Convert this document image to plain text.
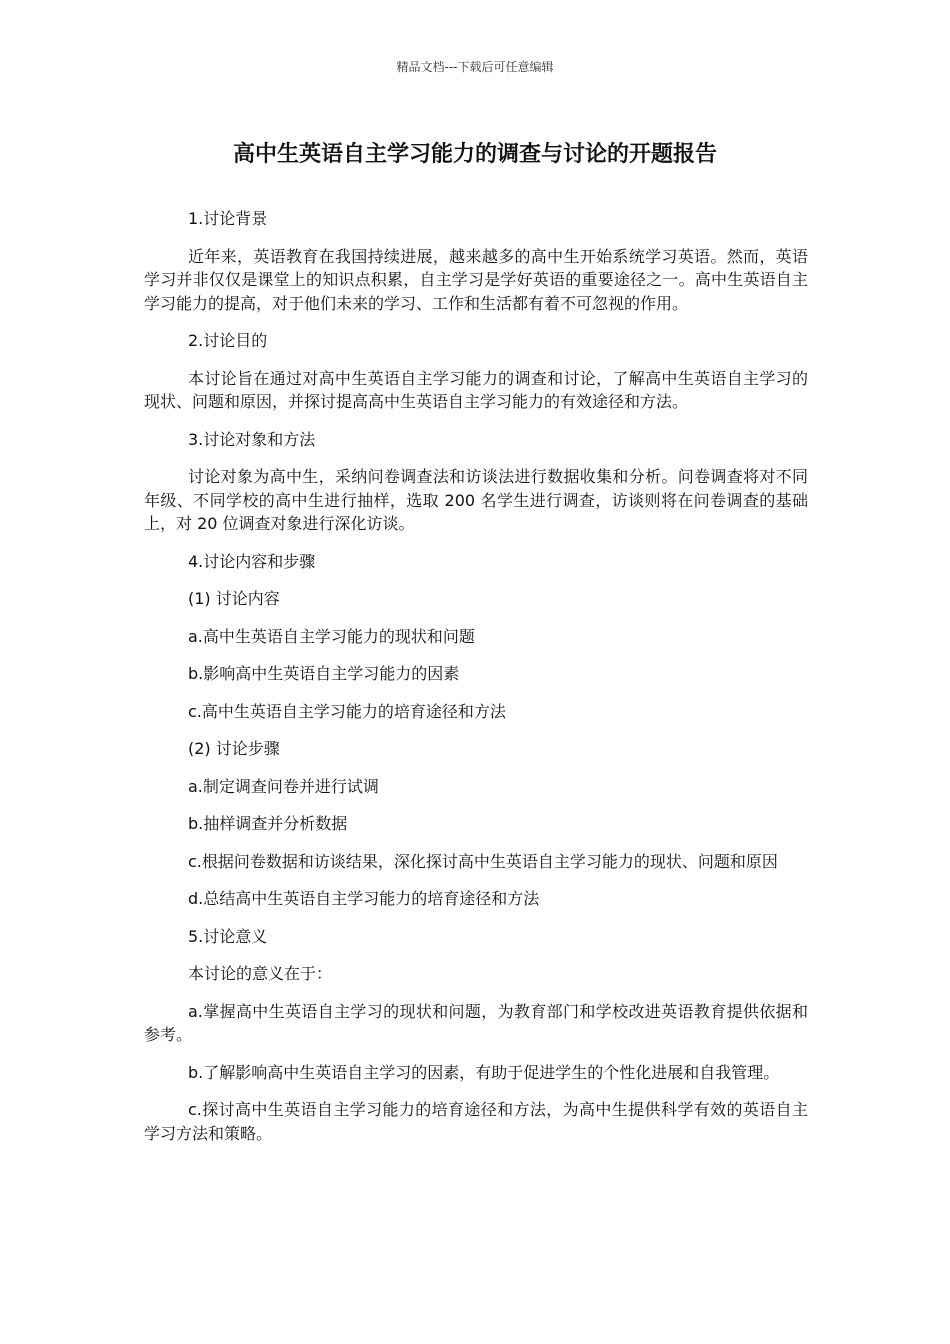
精品文档---下载后可任意编辑
高中生英语自主学习能力的调查与讨论的开题报告

1.讨论背景

近年来，英语教育在我国持续进展，越来越多的高中生开始系统学习英语。然而，英语学习并非仅仅是课堂上的知识点积累，自主学习是学好英语的重要途径之一。高中生英语自主学习能力的提高，对于他们未来的学习、工作和生活都有着不可忽视的作用。

2.讨论目的

本讨论旨在通过对高中生英语自主学习能力的调查和讨论，了解高中生英语自主学习的现状、问题和原因，并探讨提高高中生英语自主学习能力的有效途径和方法。

3.讨论对象和方法

讨论对象为高中生，采纳问卷调查法和访谈法进行数据收集和分析。问卷调查将对不同年级、不同学校的高中生进行抽样，选取 200 名学生进行调查，访谈则将在问卷调查的基础上，对 20 位调查对象进行深化访谈。

4.讨论内容和步骤

(1) 讨论内容

a.高中生英语自主学习能力的现状和问题

b.影响高中生英语自主学习能力的因素

c.高中生英语自主学习能力的培育途径和方法

(2) 讨论步骤

a.制定调查问卷并进行试调

b.抽样调查并分析数据

c.根据问卷数据和访谈结果，深化探讨高中生英语自主学习能力的现状、问题和原因

d.总结高中生英语自主学习能力的培育途径和方法

5.讨论意义

本讨论的意义在于：

a.掌握高中生英语自主学习的现状和问题，为教育部门和学校改进英语教育提供依据和参考。

b.了解影响高中生英语自主学习的因素，有助于促进学生的个性化进展和自我管理。

c.探讨高中生英语自主学习能力的培育途径和方法，为高中生提供科学有效的英语自主学习方法和策略。
